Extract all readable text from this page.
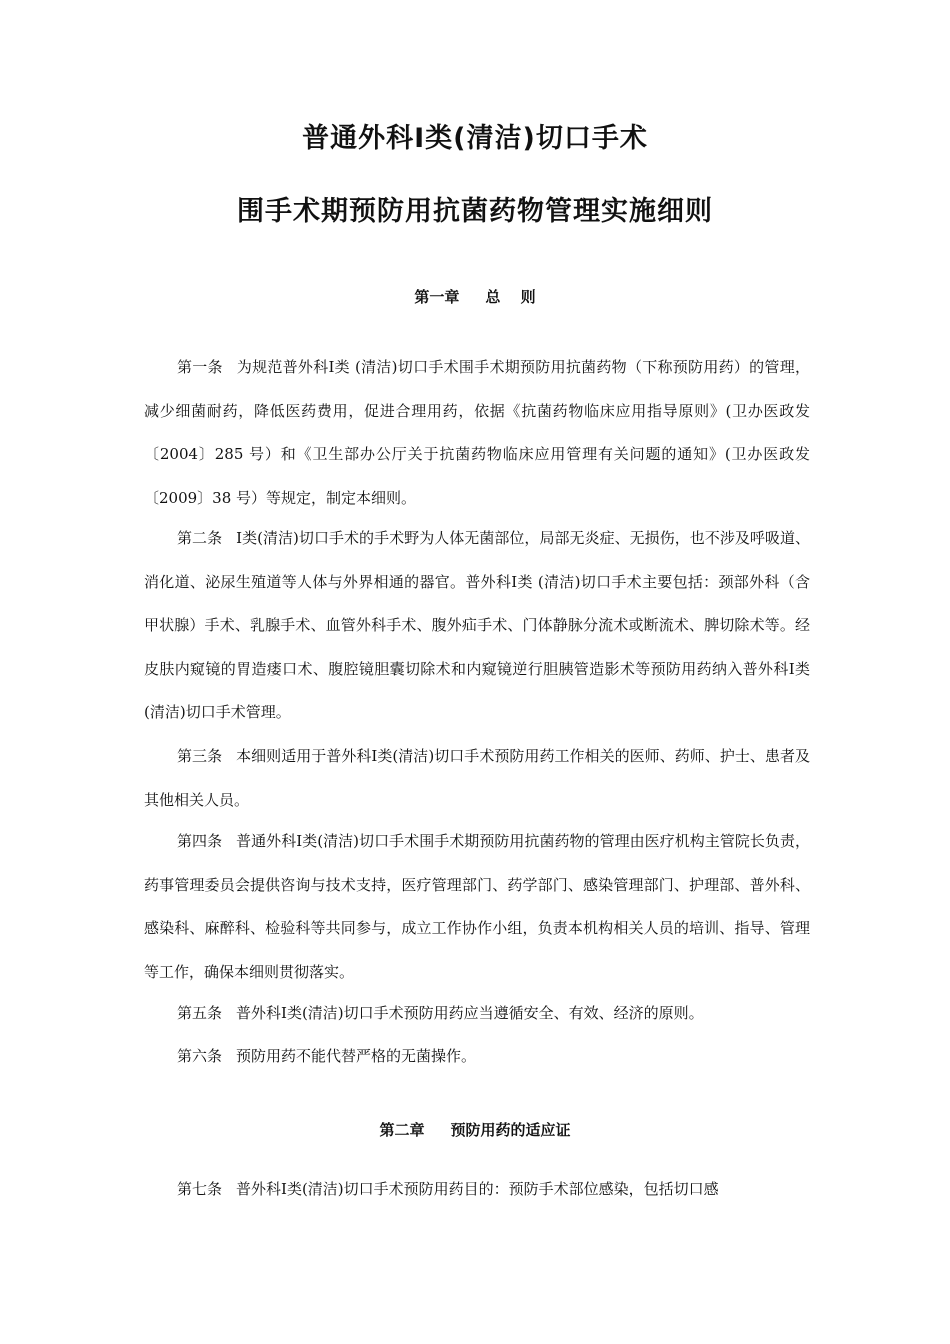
普通外科Ⅰ类(清洁)切口手术
围手术期预防用抗菌药物管理实施细则
第一章 总　 则

第一条 为规范普外科Ⅰ类 (清洁)切口手术围手术期预防用抗菌药物（下称预防用药）的管理，减少细菌耐药，降低医药费用，促进合理用药，依据《抗菌药物临床应用指导原则》(卫办医政发〔2004〕285 号）和《卫生部办公厅关于抗菌药物临床应用管理有关问题的通知》(卫办医政发〔2009〕38 号）等规定，制定本细则。

第二条 Ⅰ类(清洁)切口手术的手术野为人体无菌部位，局部无炎症、无损伤，也不涉及呼吸道、消化道、泌尿生殖道等人体与外界相通的器官。普外科Ⅰ类 (清洁)切口手术主要包括：颈部外科（含甲状腺）手术、乳腺手术、血管外科手术、腹外疝手术、门体静脉分流术或断流术、脾切除术等。经皮肤内窥镜的胃造瘘口术、腹腔镜胆囊切除术和内窥镜逆行胆胰管造影术等预防用药纳入普外科Ⅰ类(清洁)切口手术管理。

第三条 本细则适用于普外科Ⅰ类(清洁)切口手术预防用药工作相关的医师、药师、护士、患者及其他相关人员。

第四条 普通外科Ⅰ类(清洁)切口手术围手术期预防用抗菌药物的管理由医疗机构主管院长负责，药事管理委员会提供咨询与技术支持，医疗管理部门、药学部门、感染管理部门、护理部、普外科、感染科、麻醉科、检验科等共同参与，成立工作协作小组，负责本机构相关人员的培训、指导、管理等工作，确保本细则贯彻落实。

第五条 普外科Ⅰ类(清洁)切口手术预防用药应当遵循安全、有效、经济的原则。

第六条 预防用药不能代替严格的无菌操作。

第二章 预防用药的适应证

第七条 普外科Ⅰ类(清洁)切口手术预防用药目的：预防手术部位感染，包括切口感
